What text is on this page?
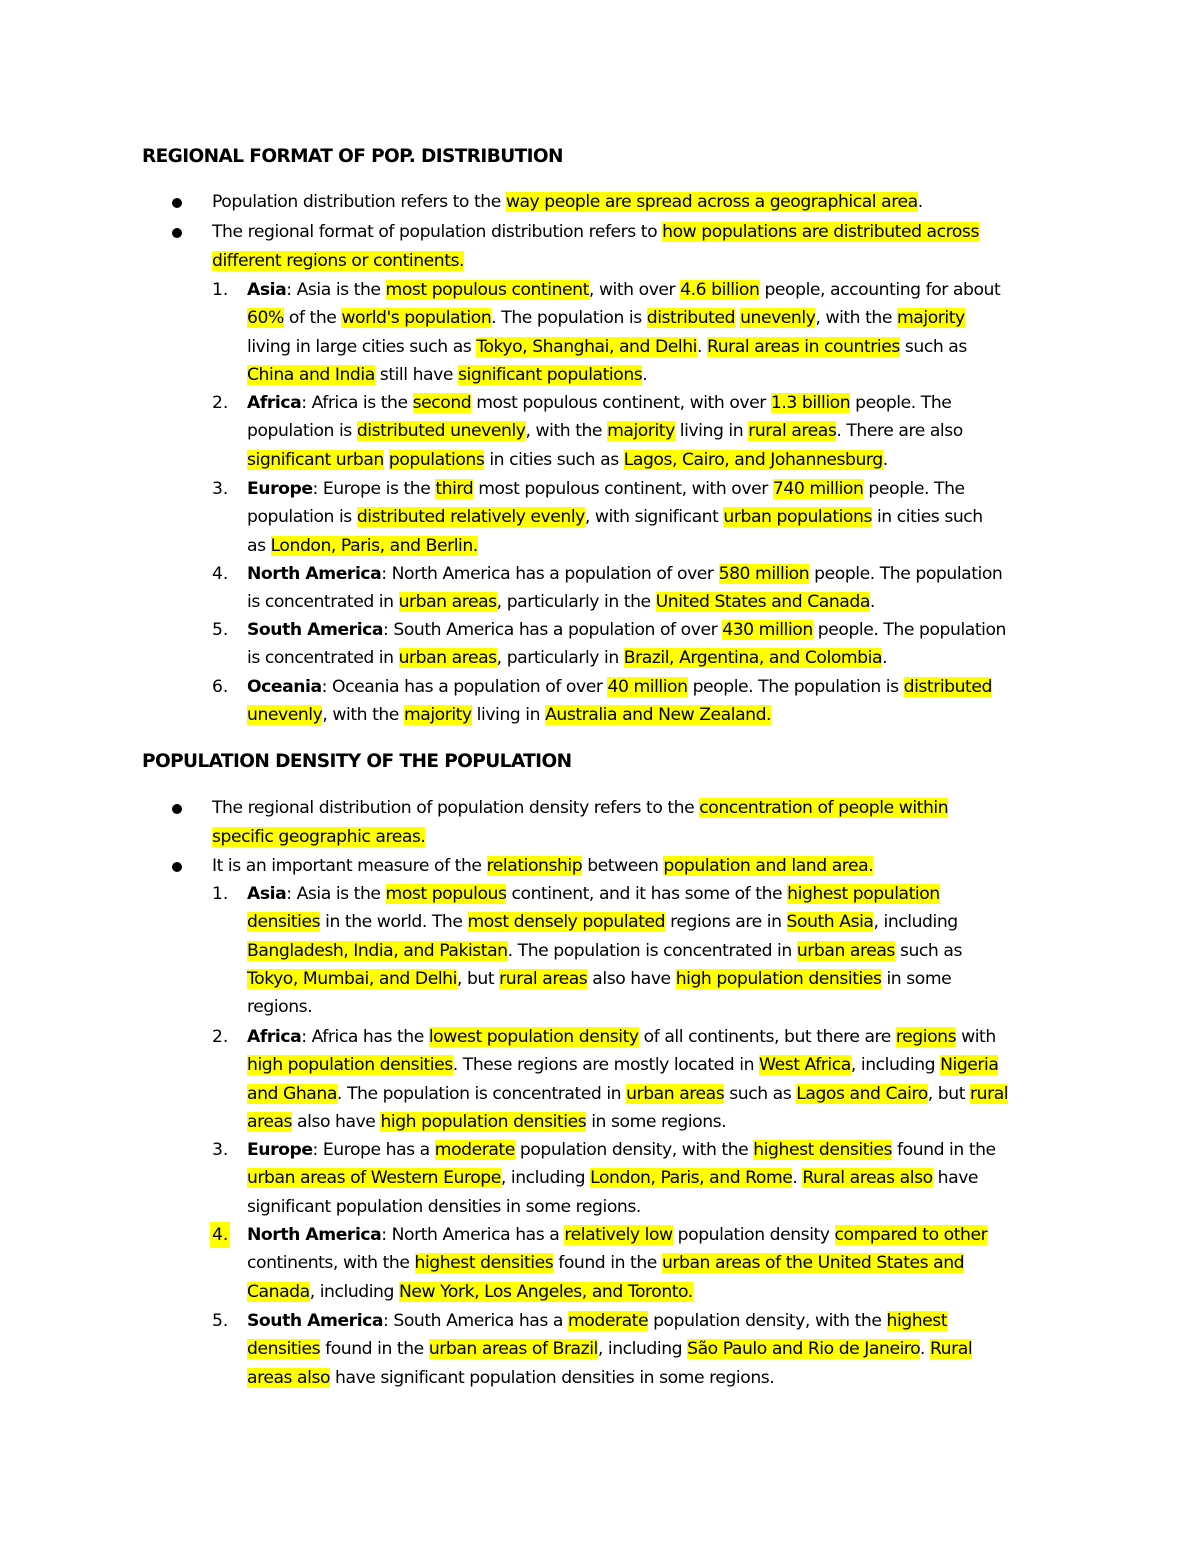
REGIONAL FORMAT OF POP. DISTRIBUTION
POPULATION DENSITY OF THE POPULATION
Population distribution refers to the way people are spread across a geographical area.
The regional format of population distribution refers to how populations are distributed across
different regions or continents.
1. Asia: Asia is the most populous continent, with over 4.6 billion people, accounting for about
60% of the world's population. The population is distributed unevenly, with the majority
living in large cities such as Tokyo, Shanghai, and Delhi. Rural areas in countries such as
China and India still have significant populations.
2. Africa: Africa is the second most populous continent, with over 1.3 billion people. The
population is distributed unevenly, with the majority living in rural areas. There are also
significant urban populations in cities such as Lagos, Cairo, and Johannesburg.
3. Europe: Europe is the third most populous continent, with over 740 million people. The
population is distributed relatively evenly, with significant urban populations in cities such
as London, Paris, and Berlin.
4. North America: North America has a population of over 580 million people. The population
is concentrated in urban areas, particularly in the United States and Canada.
5. South America: South America has a population of over 430 million people. The population
is concentrated in urban areas, particularly in Brazil, Argentina, and Colombia.
6. Oceania: Oceania has a population of over 40 million people. The population is distributed
unevenly, with the majority living in Australia and New Zealand.
The regional distribution of population density refers to the concentration of people within
specific geographic areas.
It is an important measure of the relationship between population and land area.
1. Asia: Asia is the most populous continent, and it has some of the highest population
densities in the world. The most densely populated regions are in South Asia, including
Bangladesh, India, and Pakistan. The population is concentrated in urban areas such as
Tokyo, Mumbai, and Delhi, but rural areas also have high population densities in some
regions.
2. Africa: Africa has the lowest population density of all continents, but there are regions with
high population densities. These regions are mostly located in West Africa, including Nigeria
and Ghana. The population is concentrated in urban areas such as Lagos and Cairo, but rural
areas also have high population densities in some regions.
3. Europe: Europe has a moderate population density, with the highest densities found in the
urban areas of Western Europe, including London, Paris, and Rome. Rural areas also have
significant population densities in some regions.
4. North America: North America has a relatively low population density compared to other
continents, with the highest densities found in the urban areas of the United States and
Canada, including New York, Los Angeles, and Toronto.
5. South America: South America has a moderate population density, with the highest
densities found in the urban areas of Brazil, including São Paulo and Rio de Janeiro. Rural
areas also have significant population densities in some regions.
